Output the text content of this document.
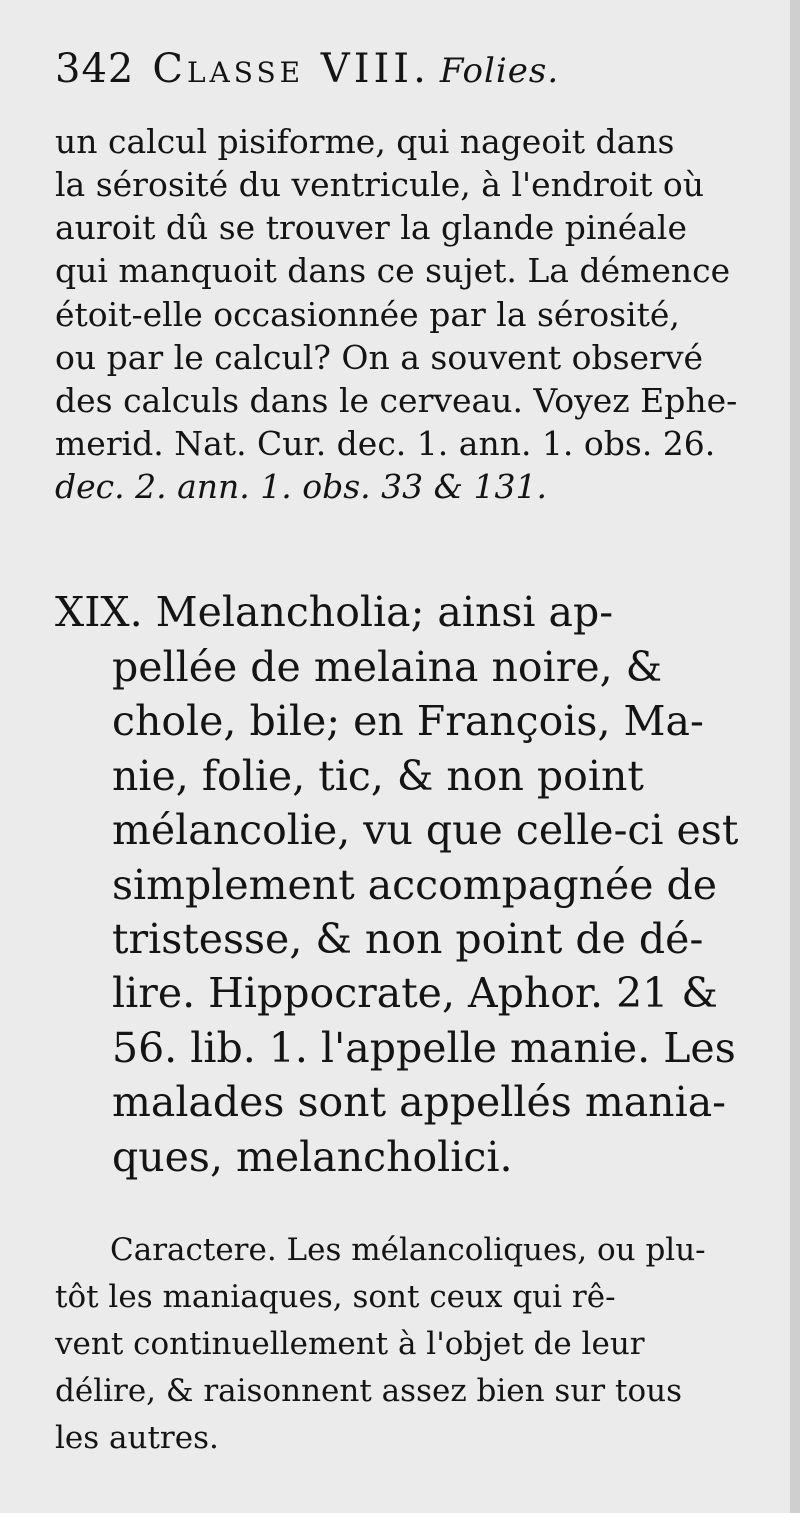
342 Classe VIII. Folies.
un calcul pisiforme, qui nageoit dans
la sérosité du ventricule, à l'endroit où
auroit dû se trouver la glande pinéale
qui manquoit dans ce sujet. La démence
étoit-elle occasionnée par la sérosité,
ou par le calcul? On a souvent observé
des calculs dans le cerveau. Voyez Ephe-
merid. Nat. Cur. dec. 1. ann. 1. obs. 26.
dec. 2. ann. 1. obs. 33 & 131.
XIX. Melancholia; ainsi ap-
pellée de melaina noire, &
chole, bile; en François, Ma-
nie, folie, tic, & non point
mélancolie, vu que celle-ci est
simplement accompagnée de
tristesse, & non point de dé-
lire. Hippocrate, Aphor. 21 &
56. lib. 1. l'appelle manie. Les
malades sont appellés mania-
ques, melancholici.
Caractere. Les mélancoliques, ou plu-
tôt les maniaques, sont ceux qui rê-
vent continuellement à l'objet de leur
délire, & raisonnent assez bien sur tous
les autres.
